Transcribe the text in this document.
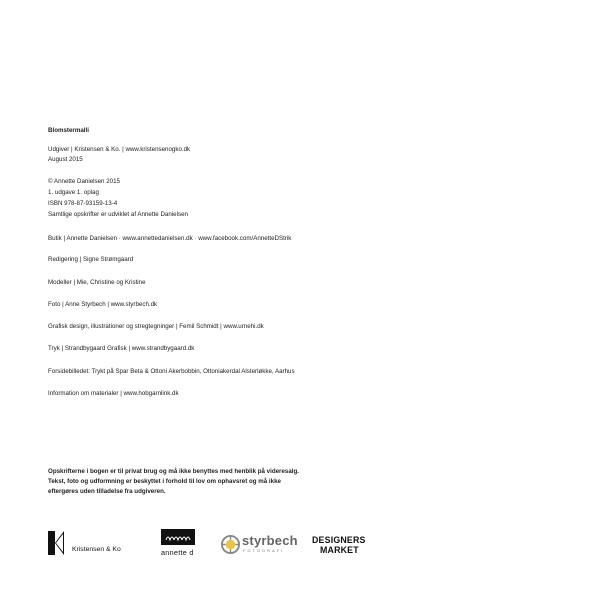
Blomstermalli
Udgiver | Kristensen & Ko. | www.kristensenogko.dk
August 2015
© Annette Danielsen 2015
1. udgave 1. oplag
ISBN 978-87-93159-13-4
Samtlige opskrifter er udviklet af Annette Danielsen
Butik | Annette Danielsen · www.annettedanielsen.dk · www.facebook.com/AnnetteDStrik
Redigering | Signe Strømgaard
Modeller | Mie, Christine og Kristine
Foto | Anne Styrbech | www.styrbech.dk
Grafisk design, illustrationer og stregtegninger | Femil Schmidt | www.urnehi.dk
Tryk | Strandbygaard Grafisk | www.strandbygaard.dk
Forsidebilledet: Trykt på Spar Beta & Ottoni Akerbobbin, Ottoniakerdal Alsterløkke, Aarhus
Information om materialer | www.hobgarnlink.dk
Opskrifterne i bogen er til privat brug og må ikke benyttes med henblik på videresalg.
Tekst, foto og udformning er beskyttet i forhold til lov om ophavsret og må ikke
eftergøres uden tilladelse fra udgiveren.
Kristensen & Ko	annette d
styrbech
FOTOGRAFI
DESIGNERS
MARKET
